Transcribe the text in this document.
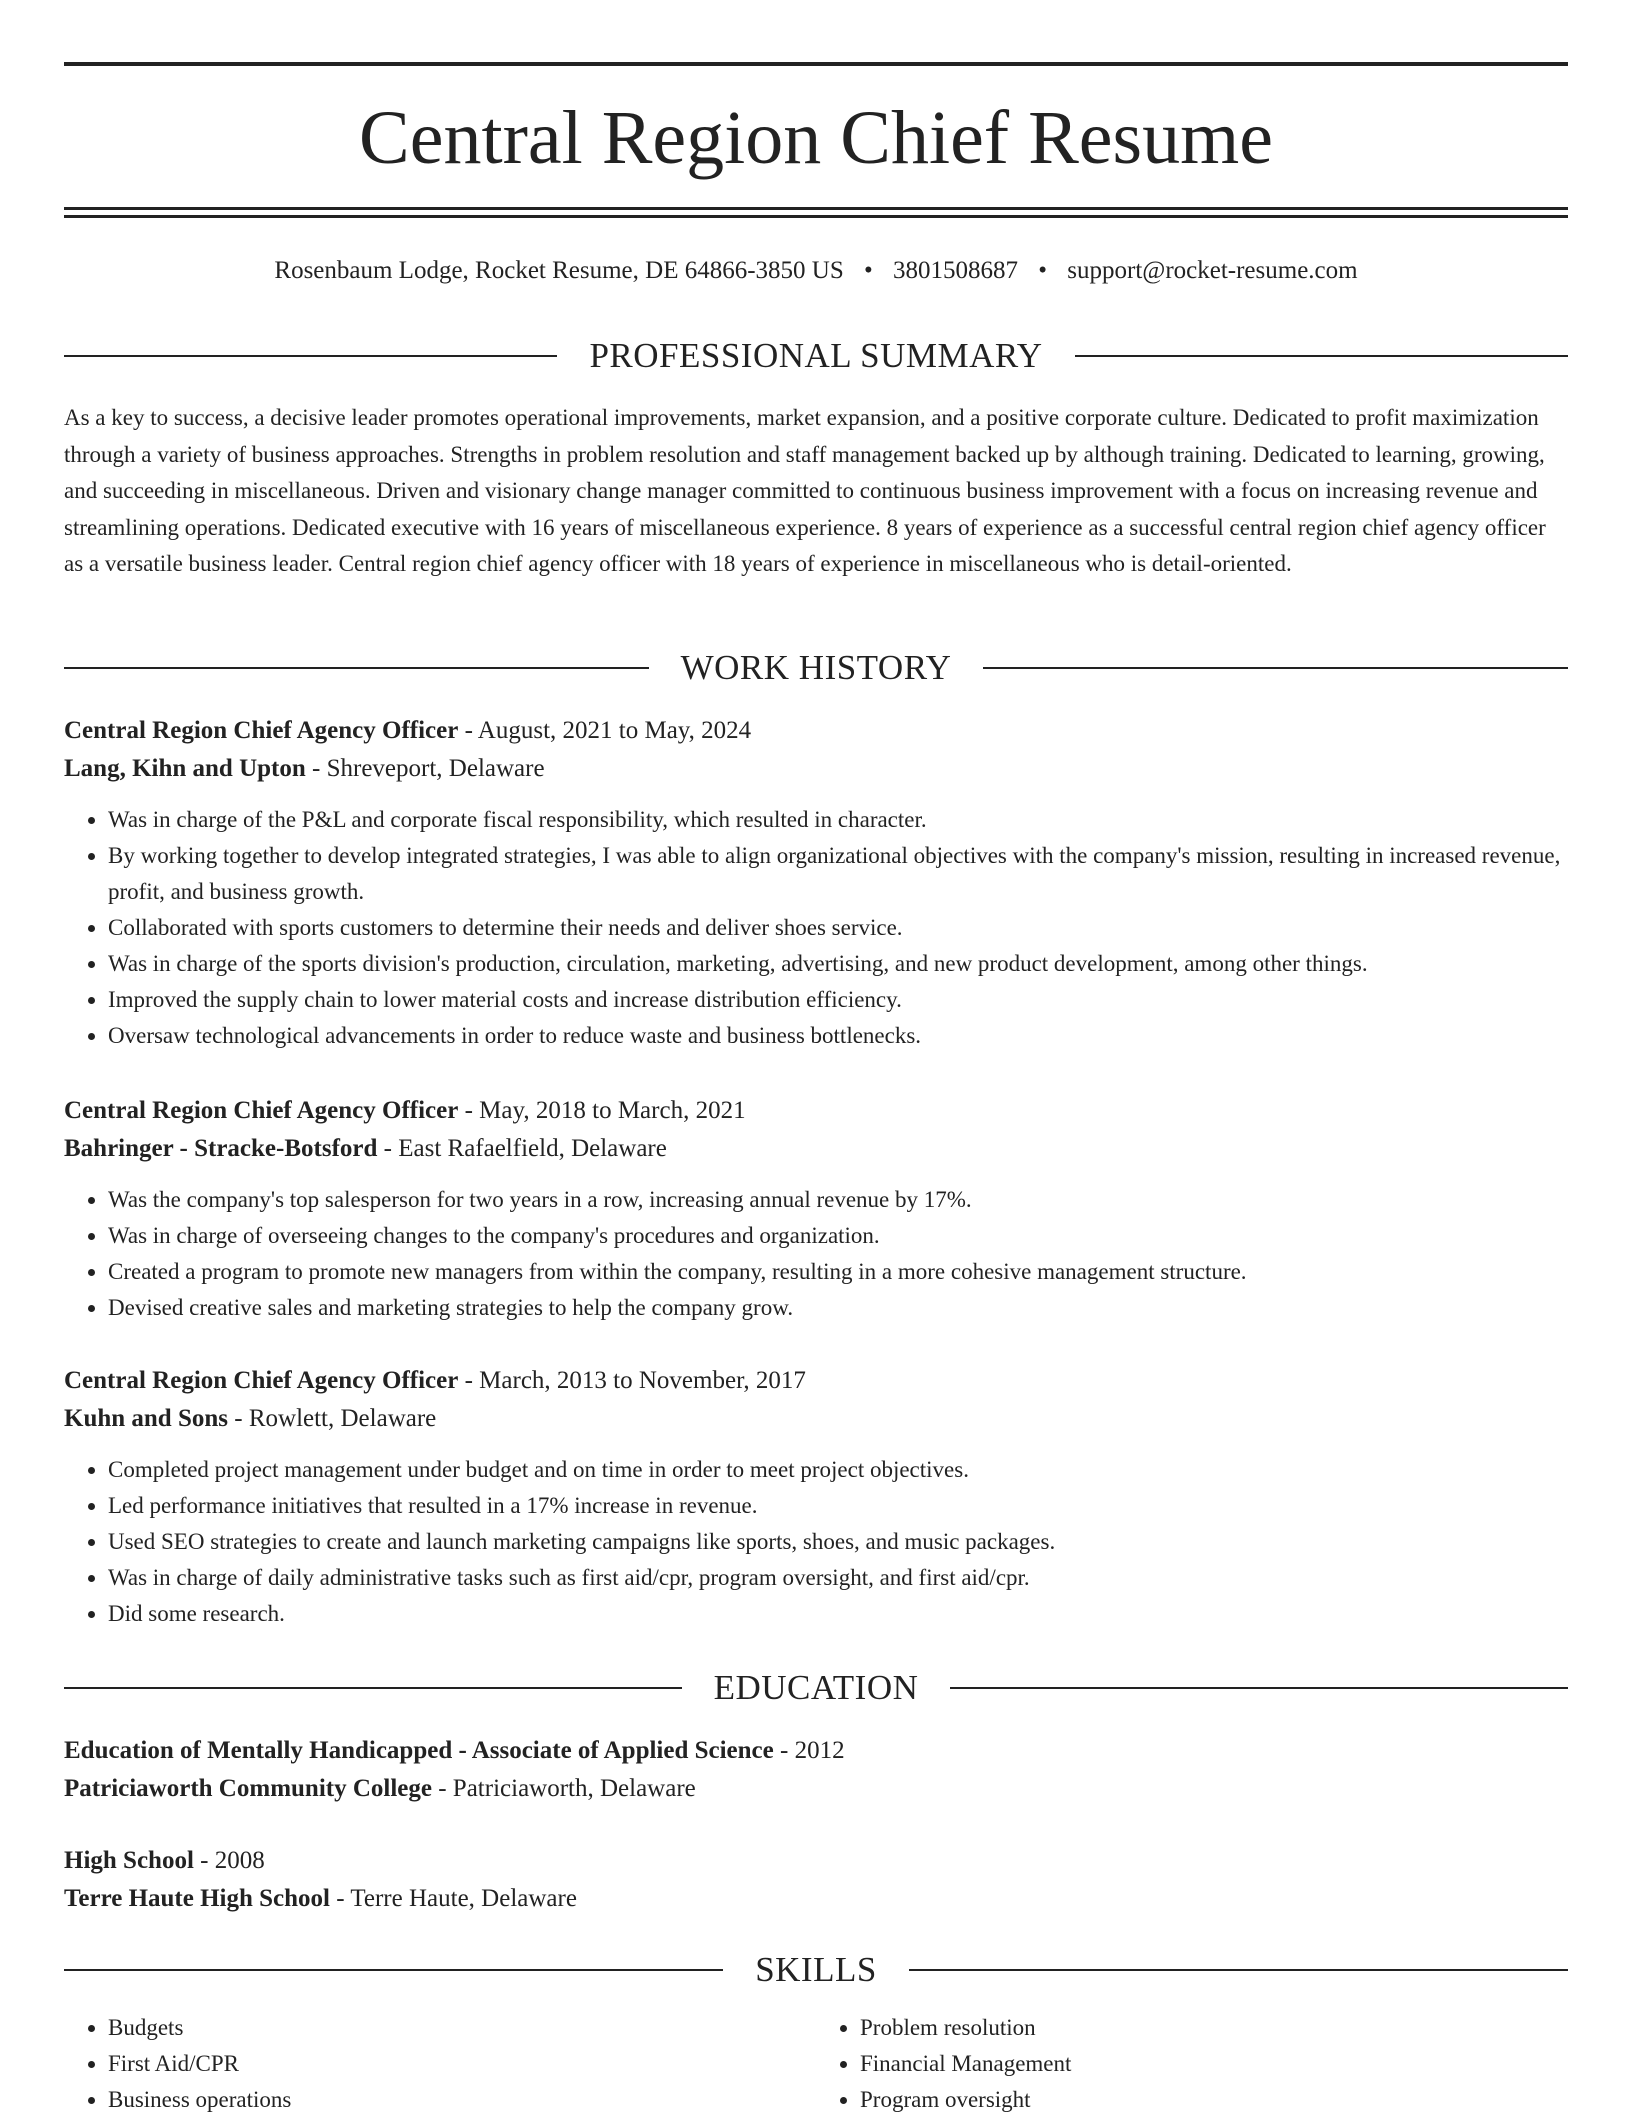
Central Region Chief Resume
Rosenbaum Lodge, Rocket Resume, DE 64866-3850 US • 3801508687 • support@rocket-resume.com
PROFESSIONAL SUMMARY

As a key to success, a decisive leader promotes operational improvements, market expansion, and a positive corporate culture. Dedicated to profit maximization through a variety of business approaches. Strengths in problem resolution and staff management backed up by although training. Dedicated to learning, growing, and succeeding in miscellaneous. Driven and visionary change manager committed to continuous business improvement with a focus on increasing revenue and streamlining operations. Dedicated executive with 16 years of miscellaneous experience. 8 years of experience as a successful central region chief agency officer as a versatile business leader. Central region chief agency officer with 18 years of experience in miscellaneous who is detail-oriented.

WORK HISTORY
Central Region Chief Agency Officer - August, 2021 to May, 2024
Lang, Kihn and Upton - Shreveport, Delaware
• Was in charge of the P&L and corporate fiscal responsibility, which resulted in character.
• By working together to develop integrated strategies, I was able to align organizational objectives with the company's mission, resulting in increased revenue, profit, and business growth.
• Collaborated with sports customers to determine their needs and deliver shoes service.
• Was in charge of the sports division's production, circulation, marketing, advertising, and new product development, among other things.
• Improved the supply chain to lower material costs and increase distribution efficiency.
• Oversaw technological advancements in order to reduce waste and business bottlenecks.
Central Region Chief Agency Officer - May, 2018 to March, 2021
Bahringer - Stracke-Botsford - East Rafaelfield, Delaware
• Was the company's top salesperson for two years in a row, increasing annual revenue by 17%.
• Was in charge of overseeing changes to the company's procedures and organization.
• Created a program to promote new managers from within the company, resulting in a more cohesive management structure.
• Devised creative sales and marketing strategies to help the company grow.
Central Region Chief Agency Officer - March, 2013 to November, 2017
Kuhn and Sons - Rowlett, Delaware
• Completed project management under budget and on time in order to meet project objectives.
• Led performance initiatives that resulted in a 17% increase in revenue.
• Used SEO strategies to create and launch marketing campaigns like sports, shoes, and music packages.
• Was in charge of daily administrative tasks such as first aid/cpr, program oversight, and first aid/cpr.
• Did some research.
EDUCATION
Education of Mentally Handicapped - Associate of Applied Science - 2012
Patriciaworth Community College - Patriciaworth, Delaware
High School - 2008
Terre Haute High School - Terre Haute, Delaware
SKILLS
• Budgets
• First Aid/CPR
• Business operations
• Problem resolution
• Financial Management
• Program oversight
